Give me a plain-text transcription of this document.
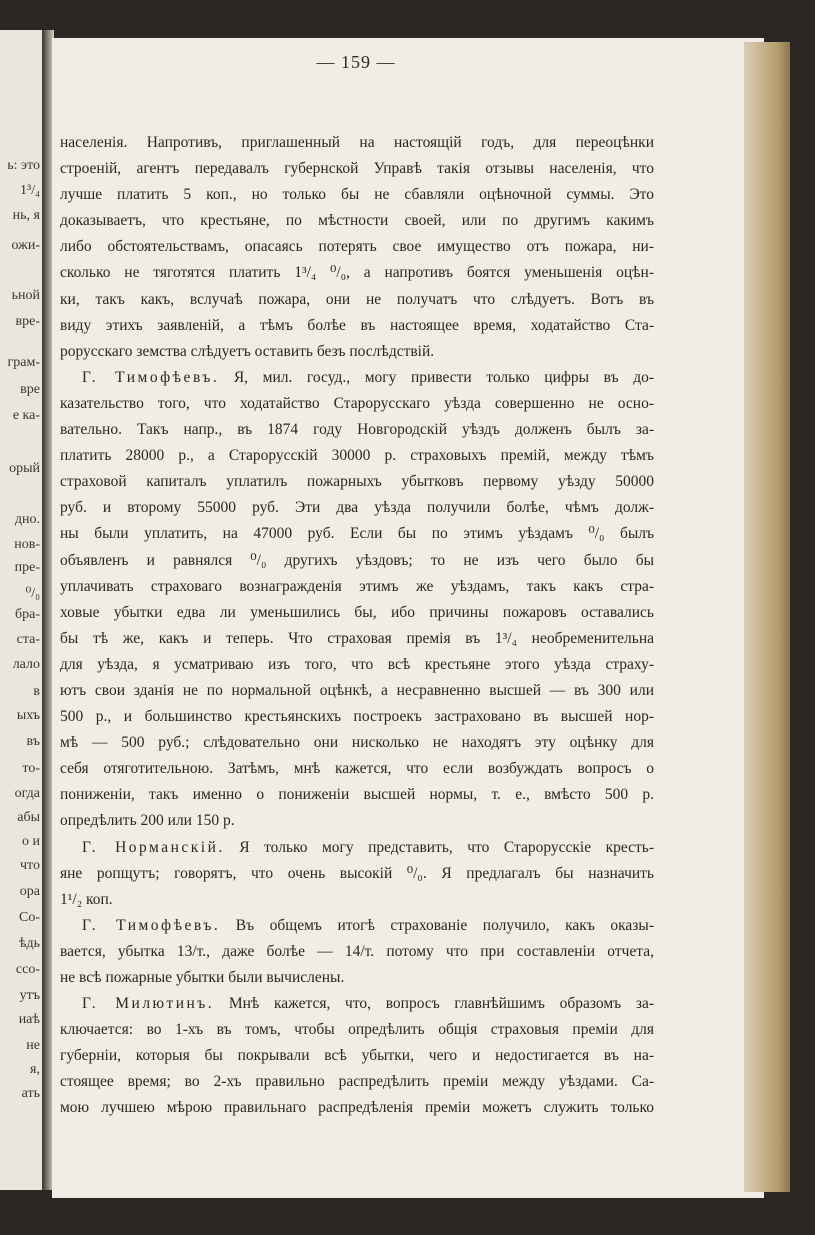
ь: это
1³/₄
нь, я
ожи-
ьной
вре-
грам-
вре
е ка-
орый
дно.
нов-
пре-
⁰/₀
бра-
ста-
лало
в
ыхъ
въ
то-
огда
абы
о и
что
ора
Со-
ѣдь
ссо-
утъ
иаѣ
не
я,
ать
— 159 —
населенія. Напротивъ, приглашенный на настоящій годъ, для переоцѣнки
строеній, агентъ передавалъ губернской Управѣ такія отзывы населенія, что
лучше платить 5 коп., но только бы не сбавляли оцѣночной суммы. Это
доказываетъ, что крестьяне, по мѣстности своей, или по другимъ какимъ
либо обстоятельствамъ, опасаясь потерять свое имущество отъ пожара, ни-
сколько не тяготятся платить 1³/₄ ⁰/₀, а напротивъ боятся уменьшенія оцѣн-
ки, такъ какъ, вслучаѣ пожара, они не получатъ что слѣдуетъ. Вотъ въ
виду этихъ заявленій, а тѣмъ болѣе въ настоящее время, ходатайство Ста-
рорусскаго земства слѣдуетъ оставить безъ послѣдствій.
Г. Тимофѣевъ. Я, мил. госуд., могу привести только цифры въ до-
казательство того, что ходатайство Старорусскаго уѣзда совершенно не осно-
вательно. Такъ напр., въ 1874 году Новгородскій уѣздъ долженъ былъ за-
платить 28000 р., а Старорусскій 30000 р. страховыхъ премій, между тѣмъ
страховой капиталъ уплатилъ пожарныхъ убытковъ первому уѣзду 50000
руб. и второму 55000 руб. Эти два уѣзда получили болѣе, чѣмъ долж-
ны были уплатить, на 47000 руб. Если бы по этимъ уѣздамъ ⁰/₀ былъ
объявленъ и равнялся ⁰/₀ другихъ уѣздовъ; то не изъ чего было бы
уплачивать страховаго вознагражденія этимъ же уѣздамъ, такъ какъ стра-
ховые убытки едва ли уменьшились бы, ибо причины пожаровъ оставались
бы тѣ же, какъ и теперь. Что страховая премія въ 1³/₄ необременительна
для уѣзда, я усматриваю изъ того, что всѣ крестьяне этого уѣзда страху-
ютъ свои зданія не по нормальной оцѣнкѣ, а несравненно высшей — въ 300 или
500 р., и большинство крестьянскихъ построекъ застраховано въ высшей нор-
мѣ — 500 руб.; слѣдовательно они нисколько не находятъ эту оцѣнку для
себя отяготительною. Затѣмъ, мнѣ кажется, что если возбуждать вопросъ о
пониженіи, такъ именно о пониженіи высшей нормы, т. е., вмѣсто 500 р.
опредѣлить 200 или 150 р.
Г. Норманскій. Я только могу представить, что Старорусскіе кресть-
яне ропщутъ; говорятъ, что очень высокій ⁰/₀. Я предлагалъ бы назначить
1¹/₂ коп.
Г. Тимофѣевъ. Въ общемъ итогѣ страхованіе получило, какъ оказы-
вается, убытка 13/т., даже болѣе — 14/т. потому что при составленіи отчета,
не всѣ пожарные убытки были вычислены.
Г. Милютинъ. Мнѣ кажется, что, вопросъ главнѣйшимъ образомъ за-
ключается: во 1-хъ въ томъ, чтобы опредѣлить общія страховыя преміи для
губерніи, которыя бы покрывали всѣ убытки, чего и недостигается въ на-
стоящее время; во 2-хъ правильно распредѣлить преміи между уѣздами. Са-
мою лучшею мѣрою правильнаго распредѣленія преміи можетъ служить только
